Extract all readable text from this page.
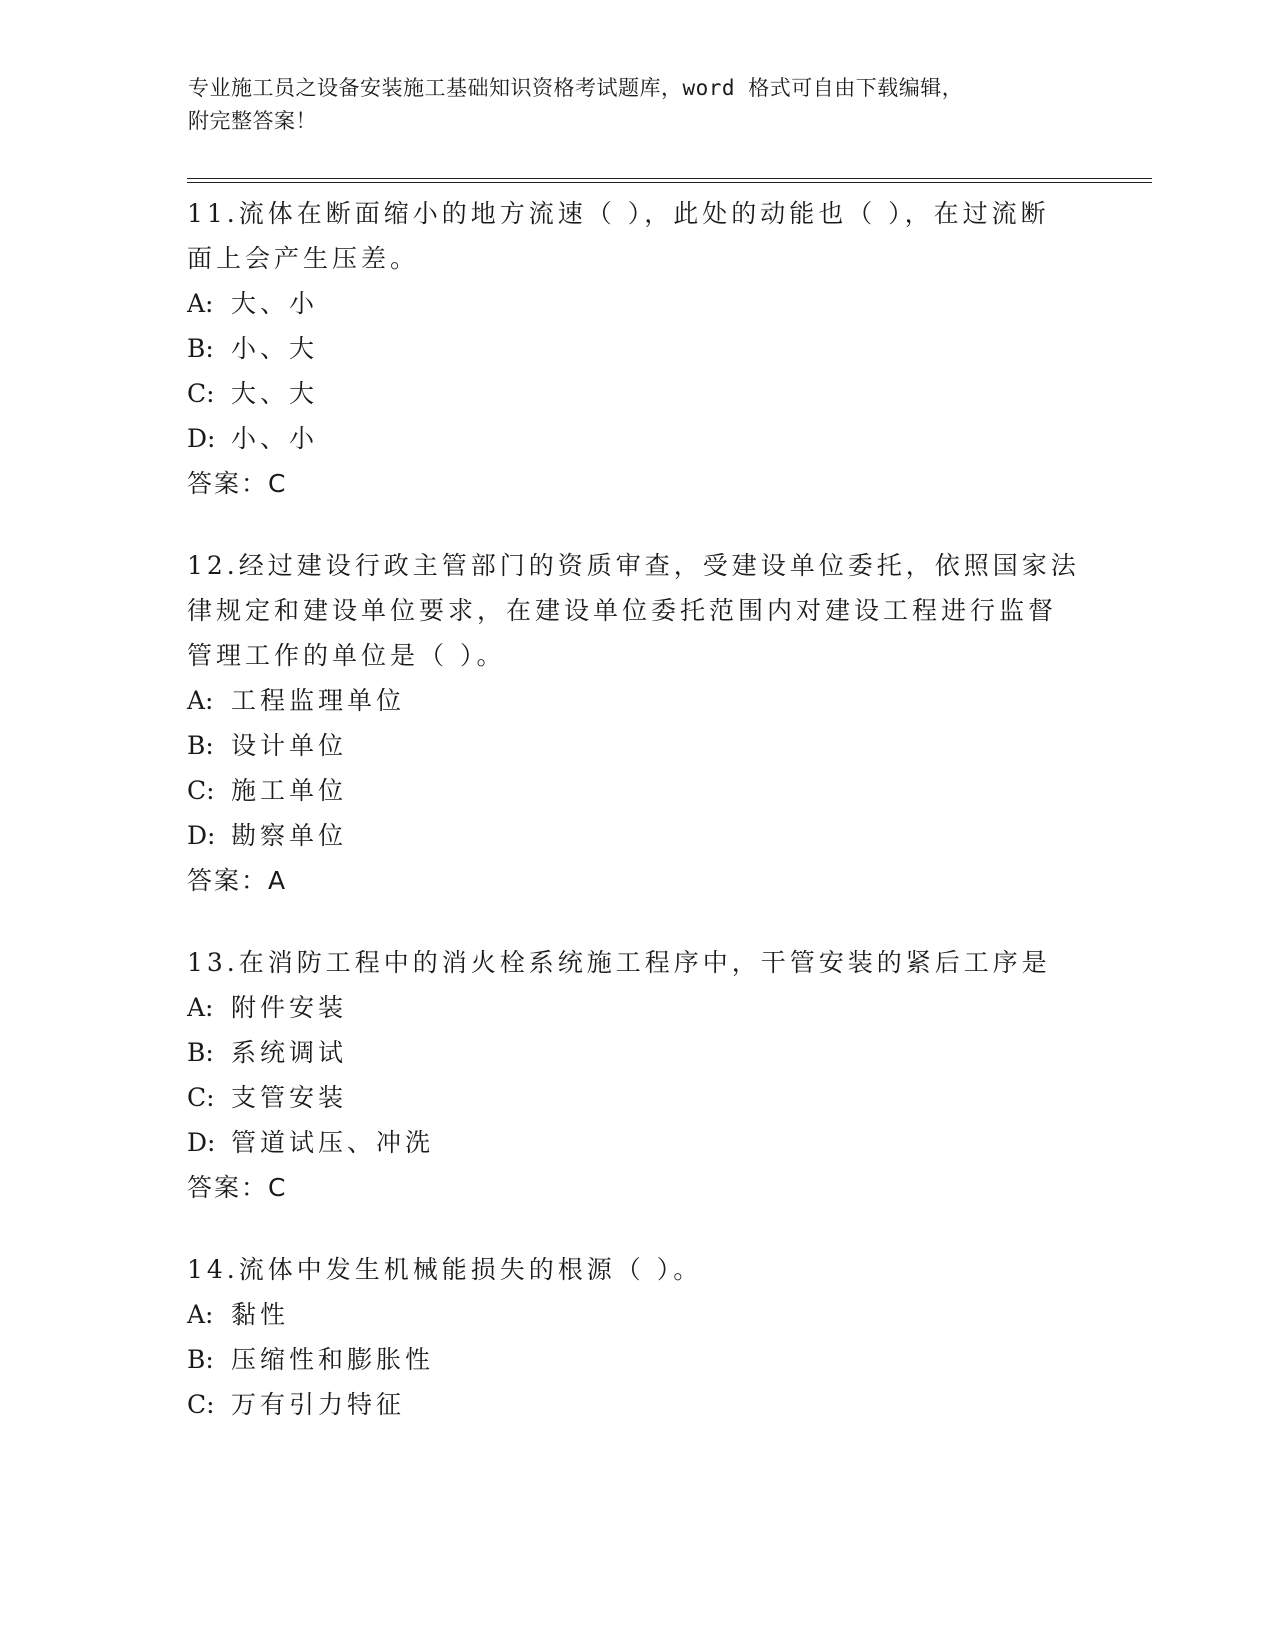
专业施工员之设备安装施工基础知识资格考试题库，word 格式可自由下载编辑，
附完整答案！
11.流体在断面缩小的地方流速（ ），此处的动能也（ ），在过流断
面上会产生压差。
A: 大、小
B: 小、大
C: 大、大
D: 小、小
答案：C
12.经过建设行政主管部门的资质审查，受建设单位委托，依照国家法
律规定和建设单位要求，在建设单位委托范围内对建设工程进行监督
管理工作的单位是（ ）。
A: 工程监理单位
B: 设计单位
C: 施工单位
D: 勘察单位
答案：A
13.在消防工程中的消火栓系统施工程序中，干管安装的紧后工序是
A: 附件安装
B: 系统调试
C: 支管安装
D: 管道试压、冲洗
答案：C
14.流体中发生机械能损失的根源（ ）。
A: 黏性
B: 压缩性和膨胀性
C: 万有引力特征
